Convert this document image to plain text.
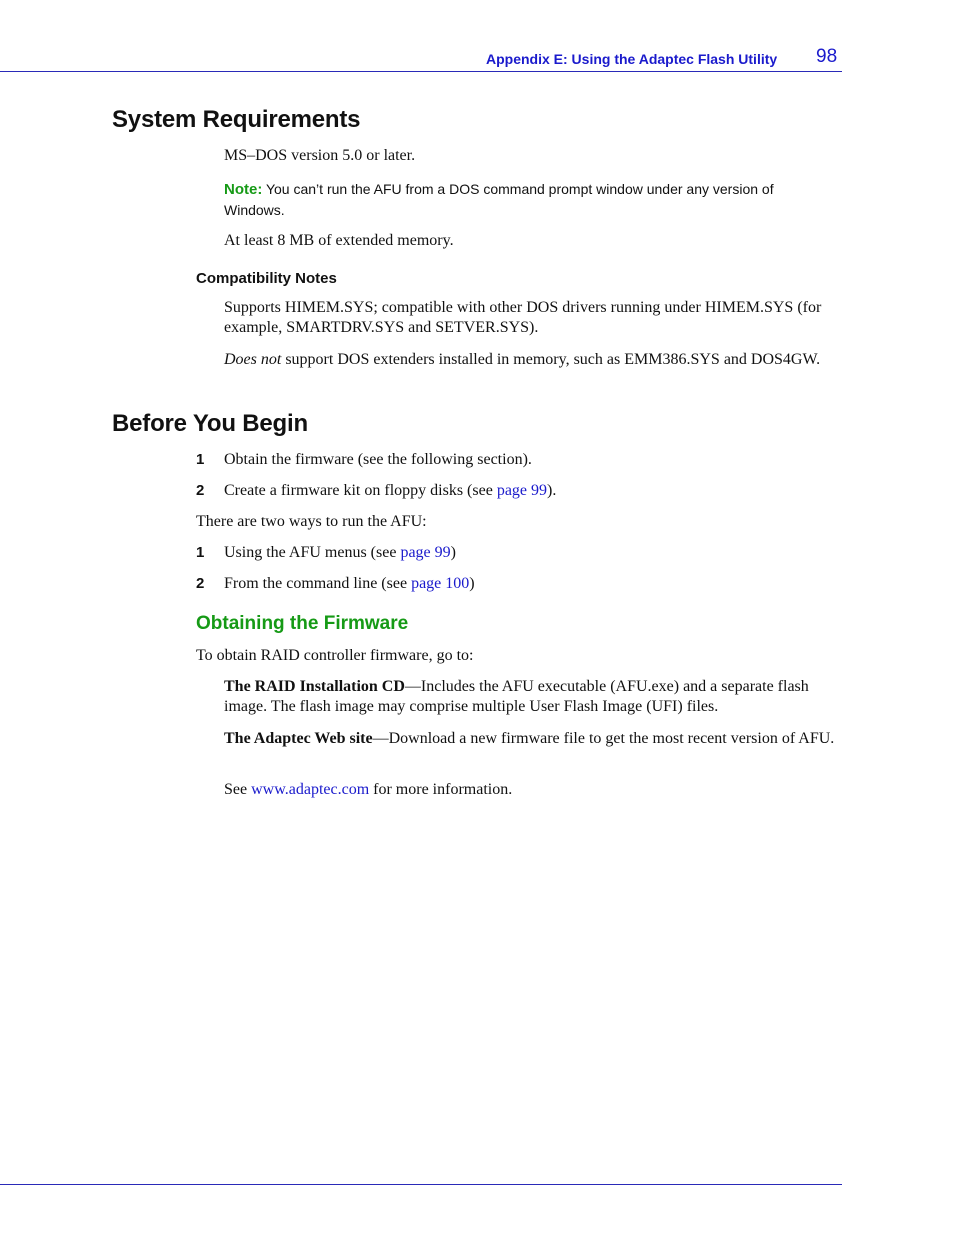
Appendix E: Using the Adaptec Flash Utility 98
System Requirements
MS–DOS version 5.0 or later.
Note: You can’t run the AFU from a DOS command prompt window under any version of Windows.
At least 8 MB of extended memory.
Compatibility Notes
Supports HIMEM.SYS; compatible with other DOS drivers running under HIMEM.SYS (for example, SMARTDRV.SYS and SETVER.SYS).
Does not support DOS extenders installed in memory, such as EMM386.SYS and DOS4GW.
Before You Begin
1 Obtain the firmware (see the following section).
2 Create a firmware kit on floppy disks (see page 99).
There are two ways to run the AFU:
1 Using the AFU menus (see page 99)
2 From the command line (see page 100)
Obtaining the Firmware
To obtain RAID controller firmware, go to:
The RAID Installation CD—Includes the AFU executable (AFU.exe) and a separate flash image. The flash image may comprise multiple User Flash Image (UFI) files.
The Adaptec Web site—Download a new firmware file to get the most recent version of AFU.
See www.adaptec.com for more information.
